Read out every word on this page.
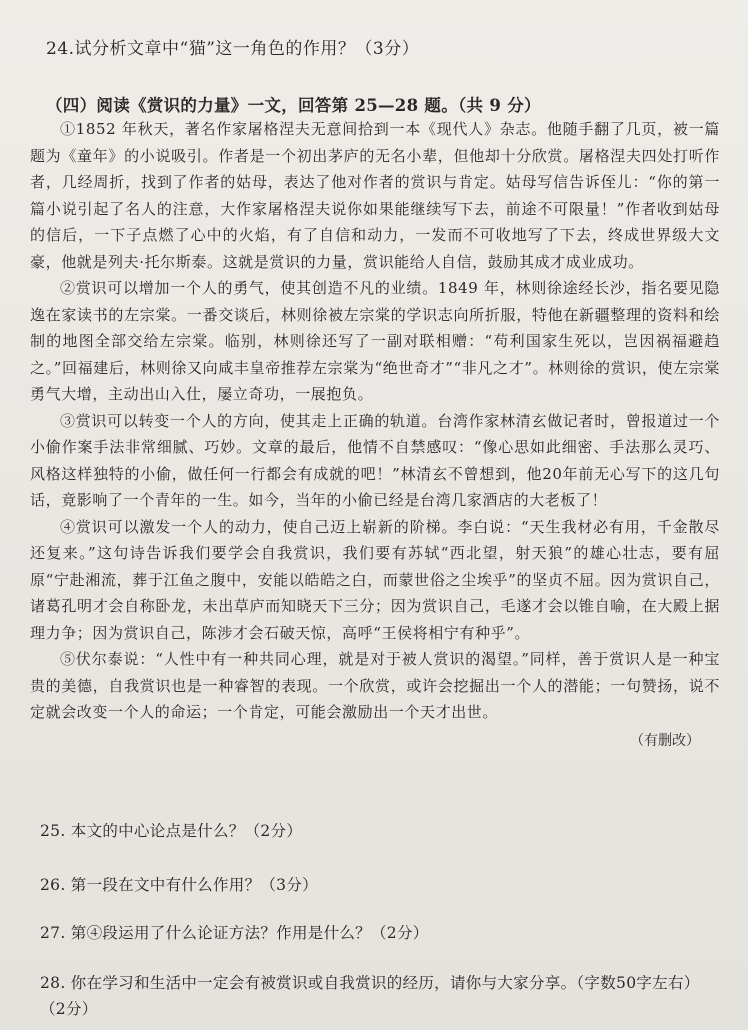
24.试分析文章中“猫”这一角色的作用？（3分）
（四）阅读《赏识的力量》一文，回答第 25—28 题。（共 9 分）

①1852 年秋天，著名作家屠格涅夫无意间拾到一本《现代人》杂志。他随手翻了几页，被一篇题为《童年》的小说吸引。作者是一个初出茅庐的无名小辈，但他却十分欣赏。屠格涅夫四处打听作者，几经周折，找到了作者的姑母，表达了他对作者的赏识与肯定。姑母写信告诉侄儿：“你的第一篇小说引起了名人的注意，大作家屠格涅夫说你如果能继续写下去，前途不可限量！”作者收到姑母的信后，一下子点燃了心中的火焰，有了自信和动力，一发而不可收地写了下去，终成世界级大文豪，他就是列夫·托尔斯泰。这就是赏识的力量，赏识能给人自信，鼓励其成才成业成功。

②赏识可以增加一个人的勇气，使其创造不凡的业绩。1849 年，林则徐途经长沙，指名要见隐逸在家读书的左宗棠。一番交谈后，林则徐被左宗棠的学识志向所折服，特他在新疆整理的资料和绘制的地图全部交给左宗棠。临别，林则徐还写了一副对联相赠：“苟利国家生死以，岂因祸福避趋之。”回福建后，林则徐又向咸丰皇帝推荐左宗棠为“绝世奇才”“非凡之才”。林则徐的赏识，使左宗棠勇气大增，主动出山入仕，屡立奇功，一展抱负。

③赏识可以转变一个人的方向，使其走上正确的轨道。台湾作家林清玄做记者时，曾报道过一个小偷作案手法非常细腻、巧妙。文章的最后，他情不自禁感叹：“像心思如此细密、手法那么灵巧、风格这样独特的小偷，做任何一行都会有成就的吧！”林清玄不曾想到，他20年前无心写下的这几句话，竟影响了一个青年的一生。如今，当年的小偷已经是台湾几家酒店的大老板了！

④赏识可以激发一个人的动力，使自己迈上崭新的阶梯。李白说：“天生我材必有用，千金散尽还复来。”这句诗告诉我们要学会自我赏识，我们要有苏轼“西北望，射天狼”的雄心壮志，要有屈原“宁赴湘流，葬于江鱼之腹中，安能以皓皓之白，而蒙世俗之尘埃乎”的坚贞不屈。因为赏识自己，诸葛孔明才会自称卧龙，未出草庐而知晓天下三分；因为赏识自己，毛遂才会以锥自喻，在大殿上据理力争；因为赏识自己，陈涉才会石破天惊，高呼“王侯将相宁有种乎”。

⑤伏尔泰说：“人性中有一种共同心理，就是对于被人赏识的渴望。”同样，善于赏识人是一种宝贵的美德，自我赏识也是一种睿智的表现。一个欣赏，或许会挖掘出一个人的潜能；一句赞扬，说不定就会改变一个人的命运；一个肯定，可能会激励出一个天才出世。

（有删改）
25. 本文的中心论点是什么？（2分）
26. 第一段在文中有什么作用？（3分）
27. 第④段运用了什么论证方法？作用是什么？（2分）
28. 你在学习和生活中一定会有被赏识或自我赏识的经历，请你与大家分享。（字数50字左右）（2分）
